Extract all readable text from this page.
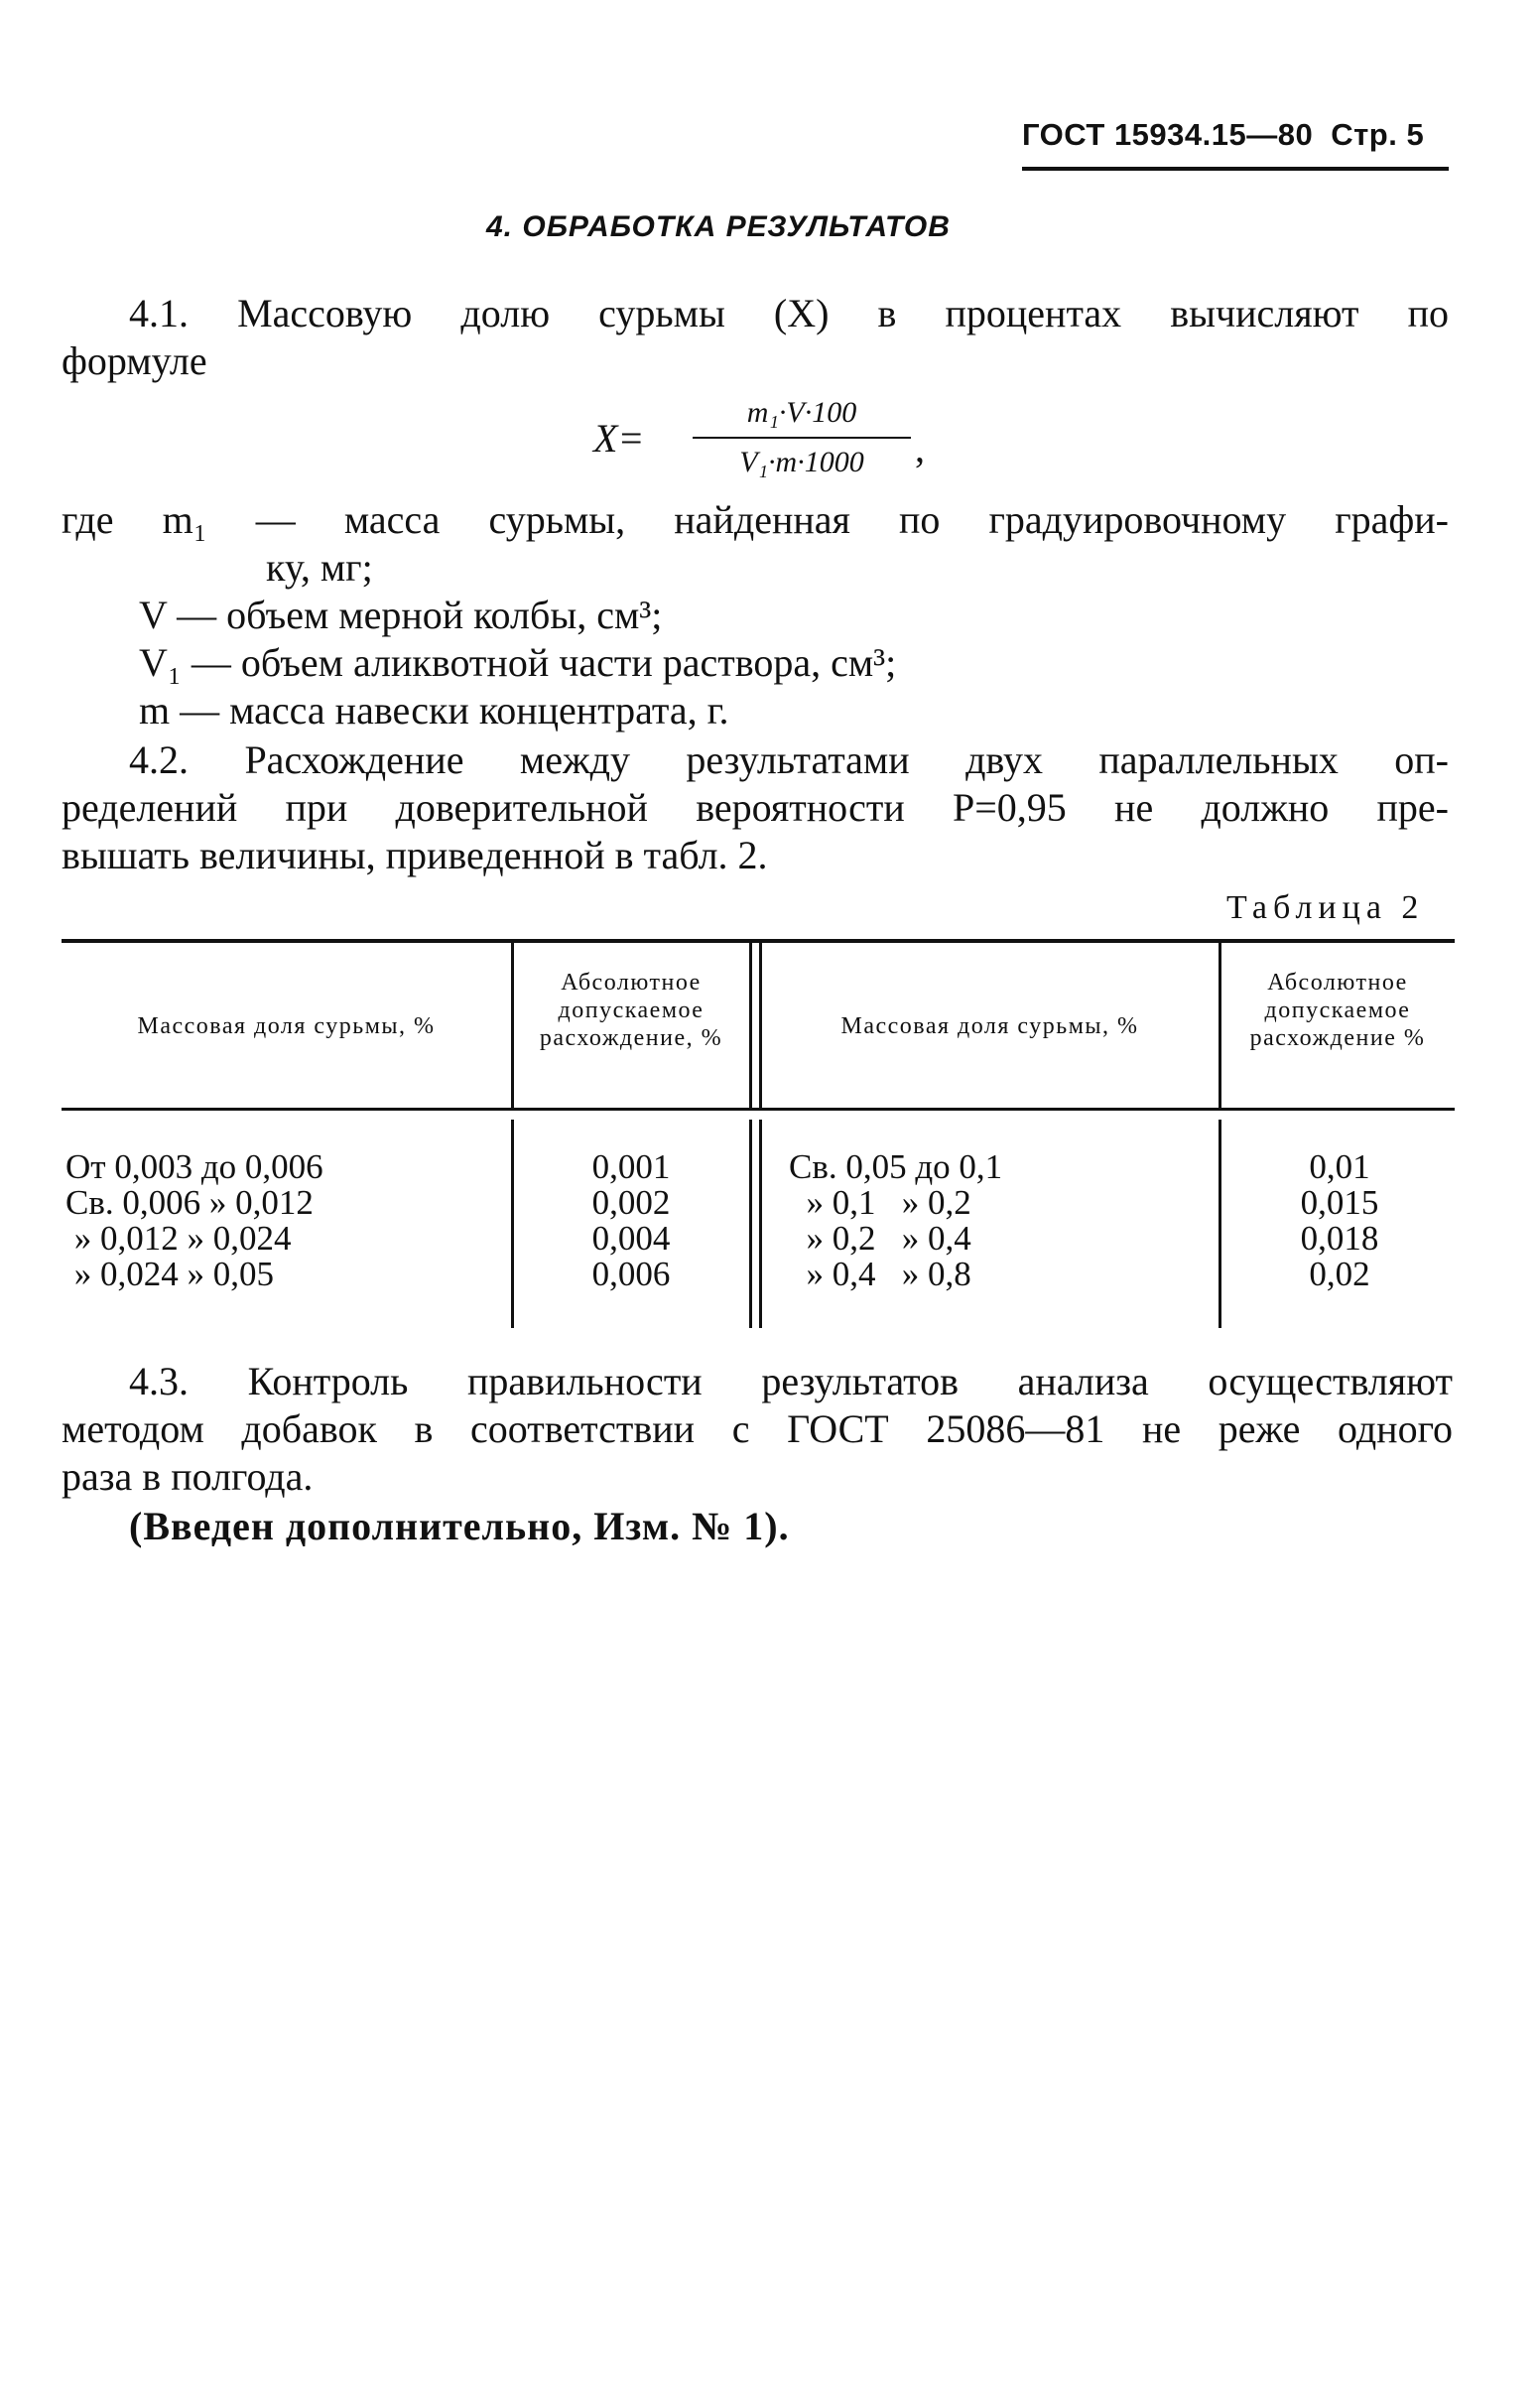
ГОСТ 15934.15—80 Стр. 5
4. ОБРАБОТКА РЕЗУЛЬТАТОВ
4.1. Массовую долю сурьмы (X) в процентах вычисляют по
формуле
X=
m₁·V·100
V₁·m·1000	,
где m₁ — масса сурьмы, найденная по градуировочному графи-
ку, мг;
V — объем мерной колбы, см³;
V₁ — объем аликвотной части раствора, см³;
m — масса навески концентрата, г.
4.2. Расхождение между результатами двух параллельных оп-
ределений при доверительной вероятности P=0,95 не должно пре-
вышать величины, приведенной в табл. 2.
Таблица 2
Массовая доля сурьмы, %
Абсолютное допускаемое расхождение, %	Массовая доля сурьмы, %
Абсолютное допускаемое расхождение %
От 0,003 до 0,006
Св. 0,006 » 0,012
» 0,012 » 0,024
» 0,024 » 0,05
0,001
0,002
0,004
0,006
Св. 0,05 до 0,1
» 0,1   » 0,2
» 0,2   » 0,4
» 0,4   » 0,8
0,01
0,015
0,018
0,02
4.3. Контроль правильности результатов анализа осуществляют
методом добавок в соответствии с ГОСТ 25086—81 не реже одного
раза в полгода.
(Введен дополнительно, Изм. № 1).
